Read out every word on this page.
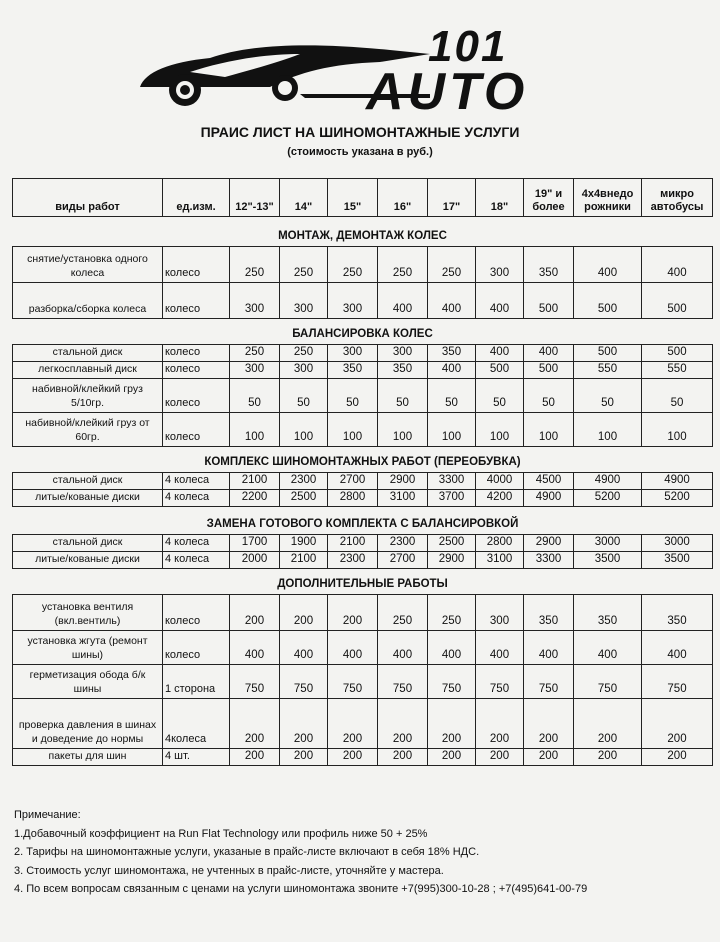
101
AUTO
ПРАИС ЛИСТ НА ШИНОМОНТАЖНЫЕ УСЛУГИ
(стоимость указана в руб.)
виды работ	ед.изм.	12"-13"	14"	15"	16"	17"	18"	19" и более	4х4внедо рожники	микро автобусы
МОНТАЖ, ДЕМОНТАЖ КОЛЕС										
снятие/установка одного колеса	колесо	250	250	250	250	250	300	350	400	400
разборка/сборка колеса	колесо	300	300	300	400	400	400	500	500	500
БАЛАНСИРОВКА КОЛЕС										
стальной диск	колесо	250	250	300	300	350	400	400	500	500
легкосплавный диск	колесо	300	300	350	350	400	500	500	550	550
набивной/клейкий груз 5/10гр.	колесо	50	50	50	50	50	50	50	50	50
набивной/клейкий груз от 60гр.	колесо	100	100	100	100	100	100	100	100	100
КОМПЛЕКС ШИНОМОНТАЖНЫХ РАБОТ (ПЕРЕОБУВКА)										
стальной диск	4 колеса	2100	2300	2700	2900	3300	4000	4500	4900	4900
литые/кованые диски	4 колеса	2200	2500	2800	3100	3700	4200	4900	5200	5200
ЗАМЕНА ГОТОВОГО КОМПЛЕКТА С БАЛАНСИРОВКОЙ										
стальной диск	4 колеса	1700	1900	2100	2300	2500	2800	2900	3000	3000
литые/кованые диски	4 колеса	2000	2100	2300	2700	2900	3100	3300	3500	3500
ДОПОЛНИТЕЛЬНЫЕ РАБОТЫ										
установка вентиля (вкл.вентиль)	колесо	200	200	200	250	250	300	350	350	350
установка жгута (ремонт шины)	колесо	400	400	400	400	400	400	400	400	400
герметизация обода б/к шины	1 сторона	750	750	750	750	750	750	750	750	750
проверка давления в шинах и доведение до нормы	4колеса	200	200	200	200	200	200	200	200	200
пакеты для шин	4 шт.	200	200	200	200	200	200	200	200	200
Примечание:
1.Добавочный коэффициент на Run Flat Technology или профиль ниже 50 + 25%
2. Тарифы на шиномонтажные услуги, указаные в прайс-листе включают в себя 18% НДС.
3. Стоимость услуг шиномонтажа, не учтенных в прайс-листе, уточняйте у мастера.
4. По всем вопросам связанным с ценами на услуги шиномонтажа звоните +7(995)300-10-28 ; +7(495)641-00-79
